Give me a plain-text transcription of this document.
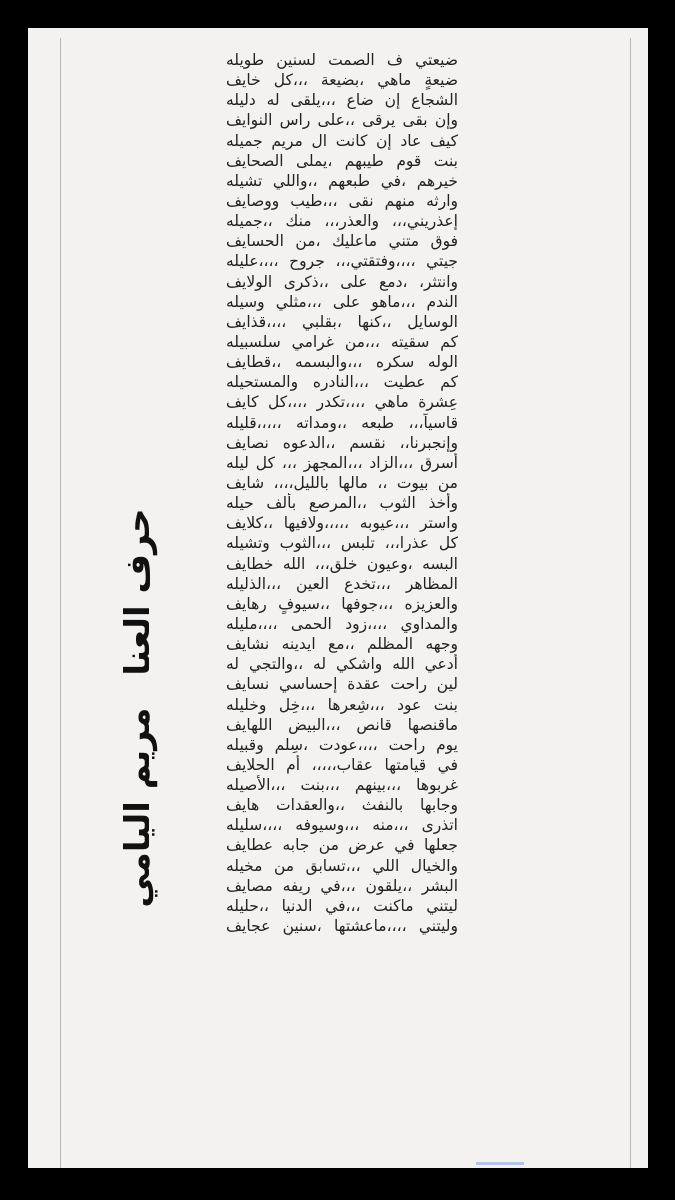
حرف العنامريم اليامي
ضيعتي ف الصمت لسنين طويله
ضيعةٍ ماهي ،بضيعة ،،،كل خايف
الشجاع إن ضاع ،،،يلقى له دليله
وإن بقى يرقى ،،على راس النوايف
كيف عاد إن كانت ال مريم جميله
بنت قوم طيبهم ،يملى الصحايف
خيرهم ،في طبعهم ،،واللي تشيله
وارثه منهم نقى ،،،طيب ووصايف
إعذريني،،، والعذر،،، منك ،،جميله
فوق متني ماعليك ،من الحسايف
جيتي ،،،،وفتقتي،،، جروح ،،،،عليله
وانتثر، ،دمع على ،،ذكرى الولايف
الندم ،،،ماهو على ،،،مثلي وسيله
الوسايل ،،كنها ،بقلبي ،،،،قذايف
كم سقيته ،،،من غرامي سلسبيله
الوله سكره ،،،والبسمه ،،قطايف
كم عطيت ،،،النادره والمستحيله
عِشرة ماهي ،،،،تكدر ،،،،كل كايف
قاسياً،،، طبعه ،،ومداته ،،،،،قليله
وإنجبرنا،، نقسم ،،الدعوه نصايف
أسرق ،،،الزاد ،،،المجهز ،،، كل ليله
من بيوت ،، مالها بالليل،،،، شايف
وأخذ الثوب ،،المرصع بألف حيله
واستر ،،،عيوبه ،،،،،ولافيها ،،كلايف
كل عذرا،،، تلبس ،،،الثوب وتشيله
البسه ،وعيون خلق،،، الله خطايف
المظاهر ،،،تخدع العين ،،،الذليله
والعزيزه ،،،جوفها ،،سيوفٍ رهايف
والمداوي ،،،،زود الحمى ،،،،مليله
وجهه المظلم ،،مع ايدينه نشايف
أدعي الله واشكي له ،،والتجي له
لين راحت عقدة إحساسي نسايف
بنت عود ،،،شِعرها ،،،خِل وخليله
ماقنصها قانص ،،،البيض اللهايف
يوم راحت ،،،،عودت ،سِلم وقبيله
في قيامتها عقاب،،،،، أم الحلايف
غربوها ،،،بينهم ،،،بنت ،،،الأصيله
وجابها بالنفث ،،والعقدات هايف
اتذرى ،،،منه ،،،وسيوفه ،،،،سليله
جعلها في عرض من جابه عطايف
والخيال اللي ،،،تسابق من مخيله
البشر ،،يلقون ،،،في ريفه مصايف
ليتني ماكنت ،،،في الدنيا ،،حليله
وليتني ،،،،ماعشتها ،سنينٍ عجايف
